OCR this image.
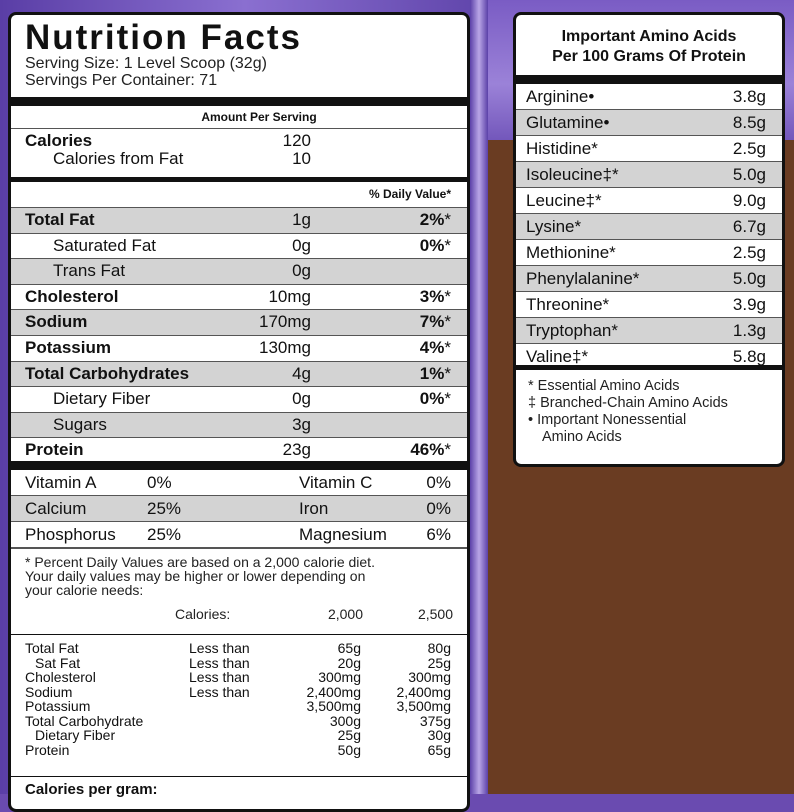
Nutrition Facts
Serving Size: 1 Level Scoop (32g)
Servings Per Container: 71
Amount Per Serving
Calories	120
Calories from Fat	10
% Daily Value*
Total Fat	1g	2%*
Saturated Fat	0g	0%*
Trans Fat	0g
Cholesterol	10mg	3%*
Sodium	170mg	7%*
Potassium	130mg	4%*
Total Carbohydrates	4g	1%*
Dietary Fiber	0g	0%*
Sugars	3g
Protein	23g	46%*
Vitamin A	0%	Vitamin C	0%
Calcium	25%	Iron	0%
Phosphorus 25%	Magnesium 6%
* Percent Daily Values are based on a 2,000 calorie diet.
Your daily values may be higher or lower depending on
your calorie needs:
Calories:	2,000	2,500
Total Fat	Less than	65g	80g
Sat Fat	Less than	20g	25g
Cholesterol	Less than	300mg	300mg
Sodium	Less than	2,400mg	2,400mg
Potassium	3,500mg	3,500mg
Total Carbohydrate	300g	375g
Dietary Fiber	25g	30g
Protein	50g	65g
Calories per gram:
Important Amino Acids
Per 100 Grams Of Protein
Arginine•	3.8g
Glutamine•	8.5g
Histidine*	2.5g
Isoleucine‡*	5.0g
Leucine‡*	9.0g
Lysine*	6.7g
Methionine*	2.5g
Phenylalanine*	5.0g
Threonine*	3.9g
Tryptophan*	1.3g
Valine‡*	5.8g
* Essential Amino Acids
‡ Branched-Chain Amino Acids
• Important Nonessential
Amino Acids
